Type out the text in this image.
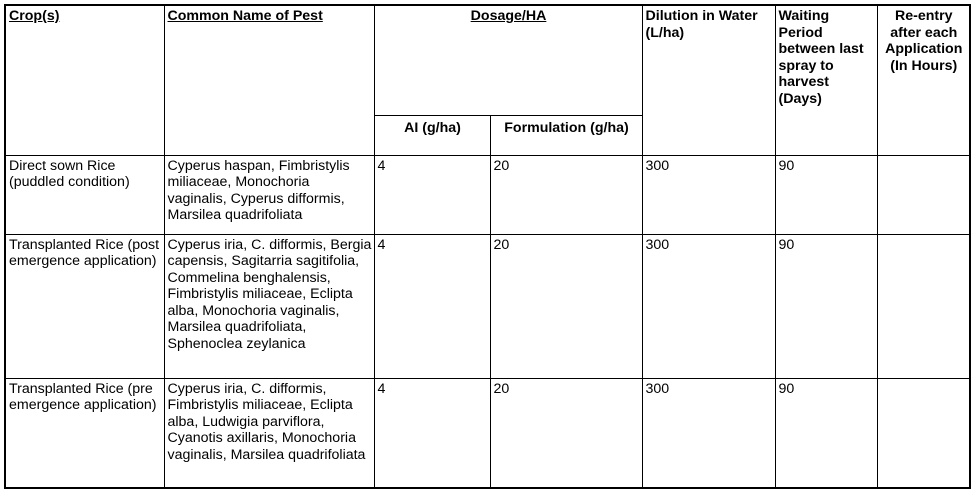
Crop(s)	Common Name of Pest	Dosage/HA		Dilution in Water (L/ha)	Waiting Period between last spray to harvest (Days)	Re-entry after each Application (In Hours)
		AI (g/ha)	Formulation (g/ha)			
Direct sown Rice (puddled condition)	Cyperus haspan, Fimbristylis miliaceae, Monochoria vaginalis, Cyperus difformis, Marsilea quadrifoliata	4	20	300	90	
Transplanted Rice (post emergence application)	Cyperus iria, C. difformis, Bergia capensis, Sagitarria sagitifolia, Commelina benghalensis, Fimbristylis miliaceae, Eclipta alba, Monochoria vaginalis, Marsilea quadrifoliata, Sphenoclea zeylanica	4	20	300	90	
Transplanted Rice (pre emergence application)	Cyperus iria, C. difformis, Fimbristylis miliaceae, Eclipta alba, Ludwigia parviflora, Cyanotis axillaris, Monochoria vaginalis, Marsilea quadrifoliata	4	20	300	90	
